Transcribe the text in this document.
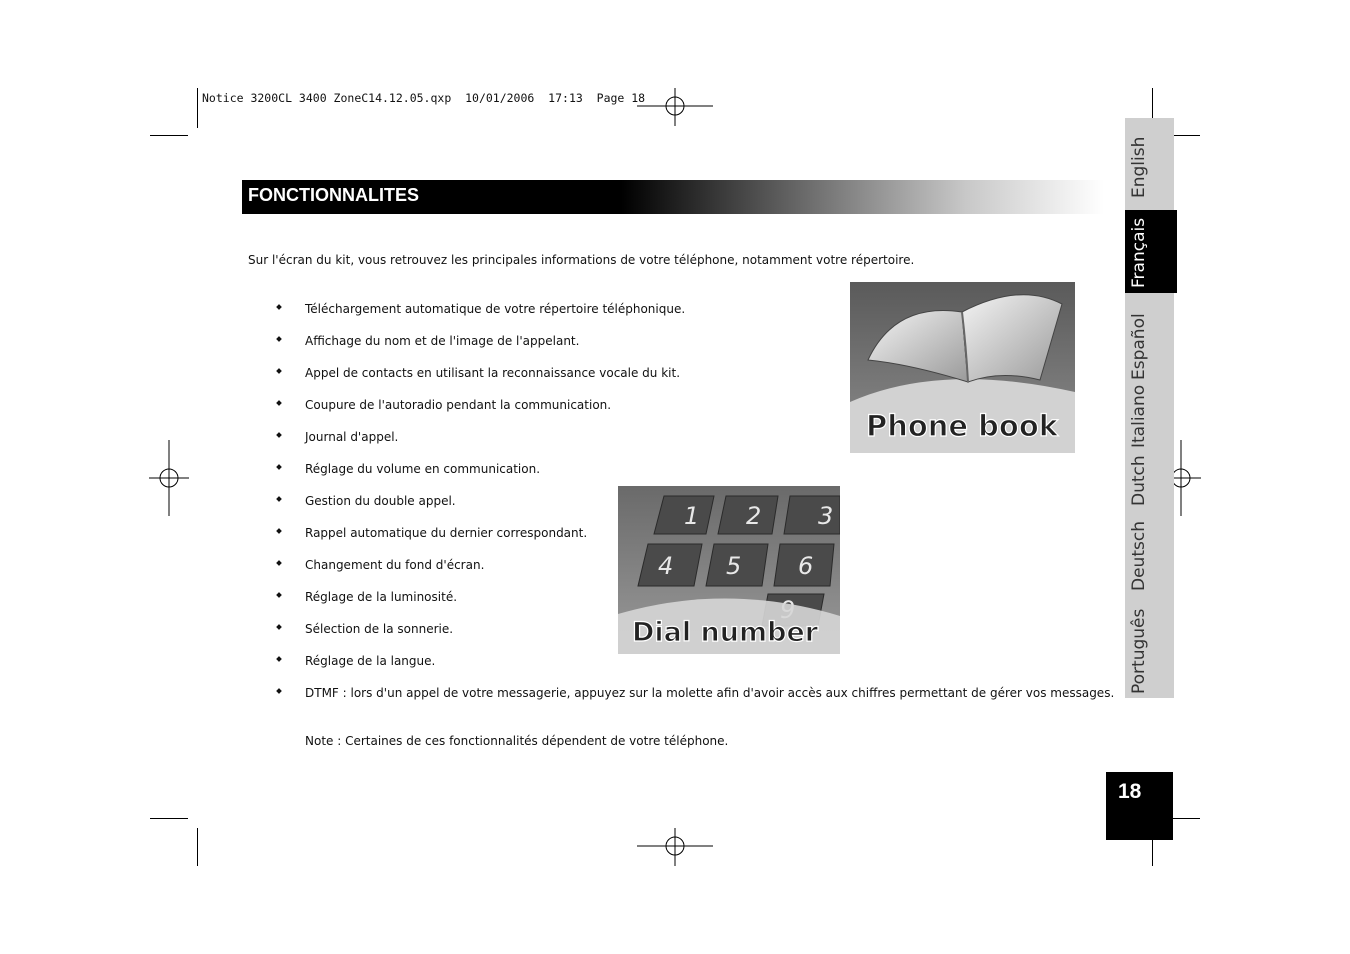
Notice 3200CL 3400 ZoneC14.12.05.qxp  10/01/2006  17:13  Page 18
FONCTIONNALITES
Sur l'écran du kit, vous retrouvez les principales informations de votre téléphone, notamment votre répertoire.
Téléchargement automatique de votre répertoire téléphonique.
Affichage du nom et de l'image de l'appelant.
Appel de contacts en utilisant la reconnaissance vocale du kit.
Coupure de l'autoradio pendant la communication.
Journal d'appel.
Réglage du volume en communication.
Gestion du double appel.
Rappel automatique du dernier correspondant.
Changement du fond d'écran.
Réglage de la luminosité.
Sélection de la sonnerie.
Réglage de la langue.
DTMF : lors d'un appel de votre messagerie, appuyez sur la molette afin d'avoir accès aux chiffres permettant de gérer vos messages.
Note : Certaines de ces fonctionnalités dépendent de votre téléphone.
Phone book
1 2 3
4 5 6
Dial number
English
Français
Español
Italiano
Dutch
Deutsch
Português
18
